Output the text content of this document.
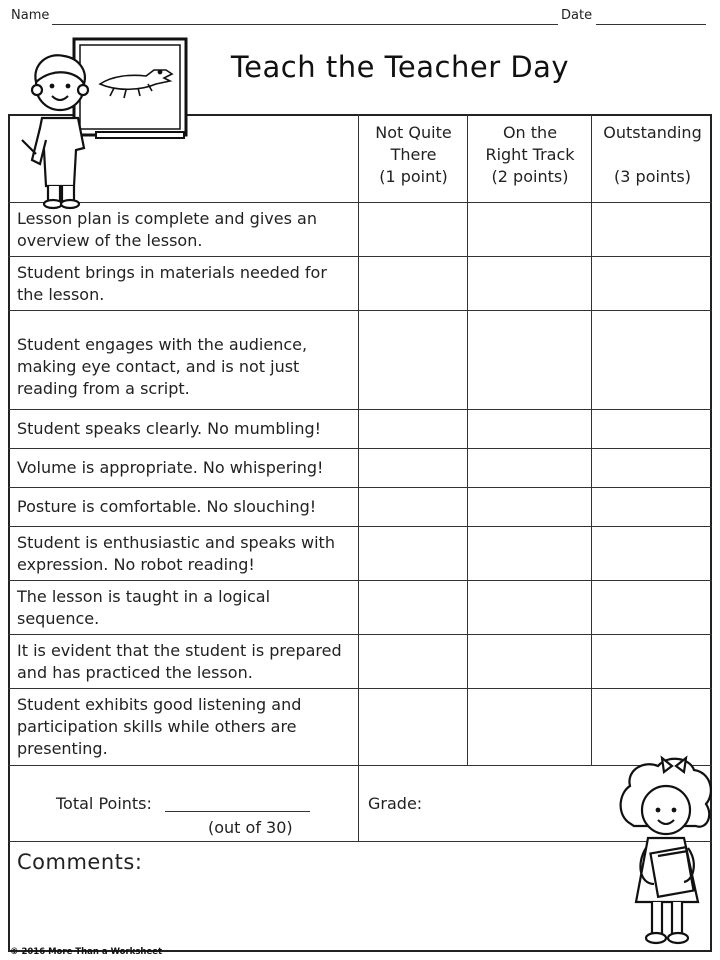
Name	Date
Teach the Teacher Day
Not Quite
There
(1 point)
On the
Right Track
(2 points)
Outstanding
(3 points)
Lesson plan is complete and gives an overview of the lesson.
Student brings in materials needed for the lesson.
Student engages with the audience, making eye contact, and is not just reading from a script.
Student speaks clearly. No mumbling!
Volume is appropriate. No whispering!
Posture is comfortable. No slouching!
Student is enthusiastic and speaks with expression. No robot reading!
The lesson is taught in a logical sequence.
It is evident that the student is prepared and has practiced the lesson.
Student exhibits good listening and participation skills while others are presenting.
Total Points:
(out of 30)
Grade:
Comments:
© 2016 More Than a Worksheet
